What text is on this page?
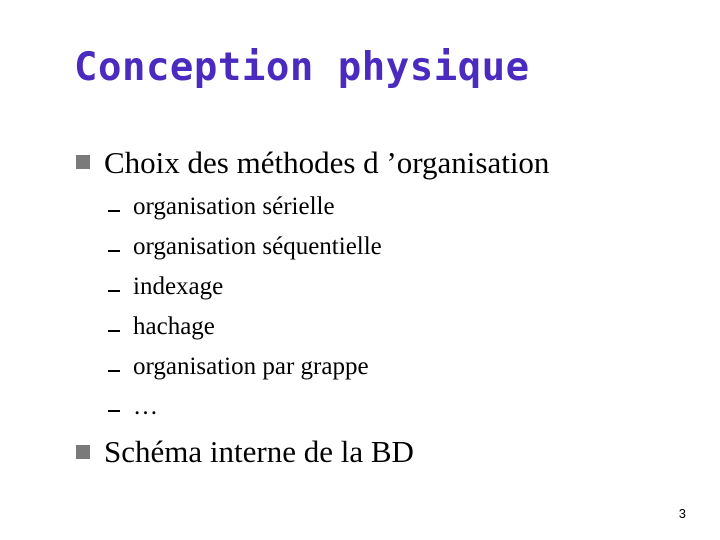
Conception physique
Choix des méthodes d ’organisation
organisation sérielle
organisation séquentielle
indexage
hachage
organisation par grappe
…
Schéma interne de la BD
3
